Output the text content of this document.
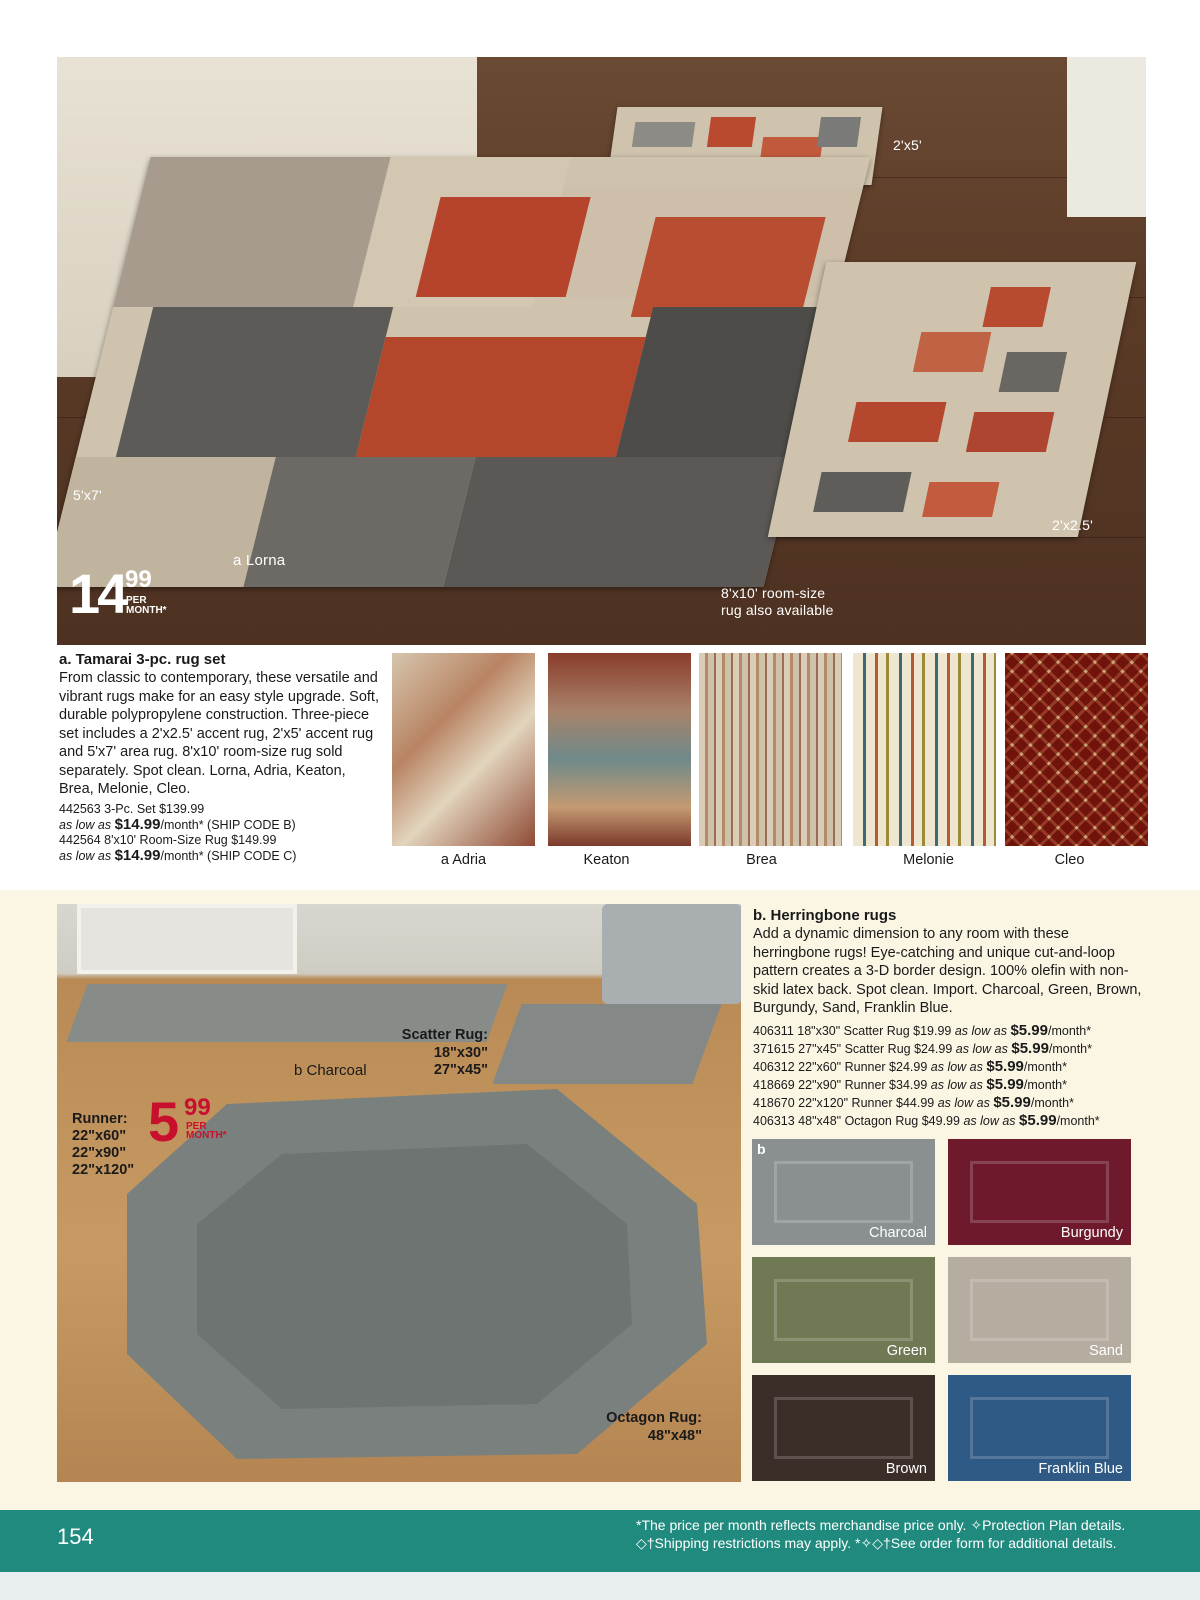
2'x5'
5'x7'
2'x2.5'
a Lorna
8'x10' room-size
rug also available
14 99
PER
MONTH*
a. Tamarai 3-pc. rug set
From classic to contemporary, these versatile and vibrant rugs make for an easy style upgrade. Soft, durable polypropylene construction. Three-piece set includes a 2'x2.5' accent rug, 2'x5' accent rug and 5'x7' area rug. 8'x10' room-size rug sold separately. Spot clean. Lorna, Adria, Keaton, Brea, Melonie, Cleo.
442563 3-Pc. Set $139.99
as low as $14.99/month* (SHIP CODE B)
442564 8'x10' Room-Size Rug $149.99
as low as $14.99/month* (SHIP CODE C)	a Adria	Keaton	Brea	Melonie	Cleo
Scatter Rug:
18"x30"
27"x45"
b Charcoal
Runner:
22"x60"
22"x90"
22"x120"
5 99
PER
MONTH*
Octagon Rug:
48"x48"
b. Herringbone rugs
Add a dynamic dimension to any room with these herringbone rugs! Eye-catching and unique cut-and-loop pattern creates a 3-D border design. 100% olefin with non-skid latex back. Spot clean. Import. Charcoal, Green, Brown, Burgundy, Sand, Franklin Blue.
406311 18"x30" Scatter Rug $19.99 as low as $5.99/month*
371615 27"x45" Scatter Rug $24.99 as low as $5.99/month*
406312 22"x60" Runner $24.99 as low as $5.99/month*
418669 22"x90" Runner $34.99 as low as $5.99/month*
418670 22"x120" Runner $44.99 as low as $5.99/month*
406313 48"x48" Octagon Rug $49.99 as low as $5.99/month*
b
Charcoal	Burgundy
Green	Sand
Brown	Franklin Blue
154	*The price per month reflects merchandise price only. ✧Protection Plan details.
◇†Shipping restrictions may apply. *✧◇†See order form for additional details.
